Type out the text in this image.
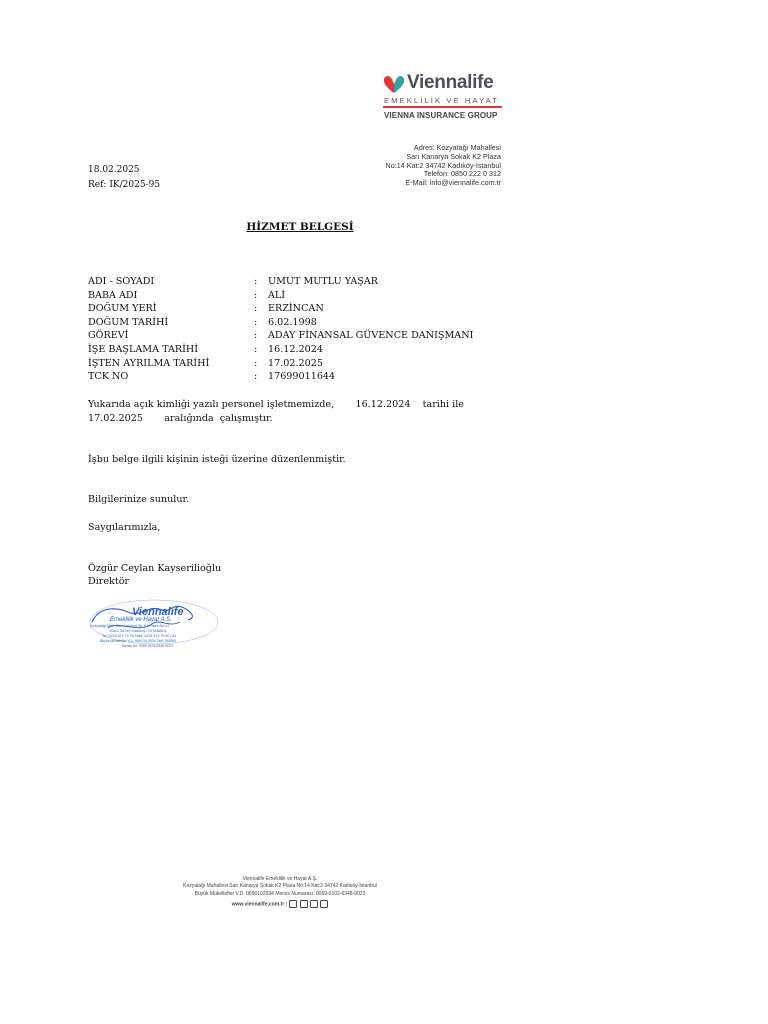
Viennalife
EMEKLİLİK VE HAYAT
VIENNA INSURANCE GROUP
Adres: Kozyatağı Mahallesi
Sarı Kanarya Sokak K2 Plaza
No:14 Kat:2 34742 Kadıköy-İstanbul
Telefon: 0850 222 0 312
E-Mail: info@viennalife.com.tr
18.02.2025
Ref: IK/2025-95
HİZMET BELGESİ
ADI - SOYADI	:	UMUT MUTLU YAŞAR
BABA ADI	:	ALİ
DOĞUM YERİ	:	ERZİNCAN
DOĞUM TARİHİ	:	6.02.1998
GÖREVİ	:	ADAY FİNANSAL GÜVENCE DANIŞMANI
İŞE BAŞLAMA TARİHİ	:	16.12.2024
İŞTEN AYRILMA TARİHİ	:	17.02.2025
TCK NO	:	17699011644
Yukarıda açık kimliği yazılı personel işletmemizde,       16.12.2024    tarihi ile
17.02.2025       aralığında  çalışmıştır.
İşbu belge ilgili kişinin isteği üzerine düzenlenmiştir.
Bilgilerinize sunulur.
Saygılarımızla,
Özgür Ceylan Kayserilioğlu
Direktör
Viennalife
Emeklilik ve Hayat A.Ş.
Kozyatağı Mah. Sarı Kanarya Sk. K2 Plaza No:14
Kat:2 34742 Kadıköy / İSTANBUL
Tel: 0216 579 79 78 Faks: 0216 579 79 80 / 81
Büyük Mükellefler V.D. 069 010 2934 Sicil: 345269
Mersis No: 0069-0102-6348-9023
Viennalife Emeklilik ve Hayat A.Ş.
Kozyatağı Mahallesi Sarı Kanarya Sokak K2 Plaza No:14 Kat:2 34742 Kadıköy-İstanbul
Büyük Mükellefler V.D. 0690102934 Mersis Numarası: 0069-0102-6348-9023
www.viennalife.com.tr |
